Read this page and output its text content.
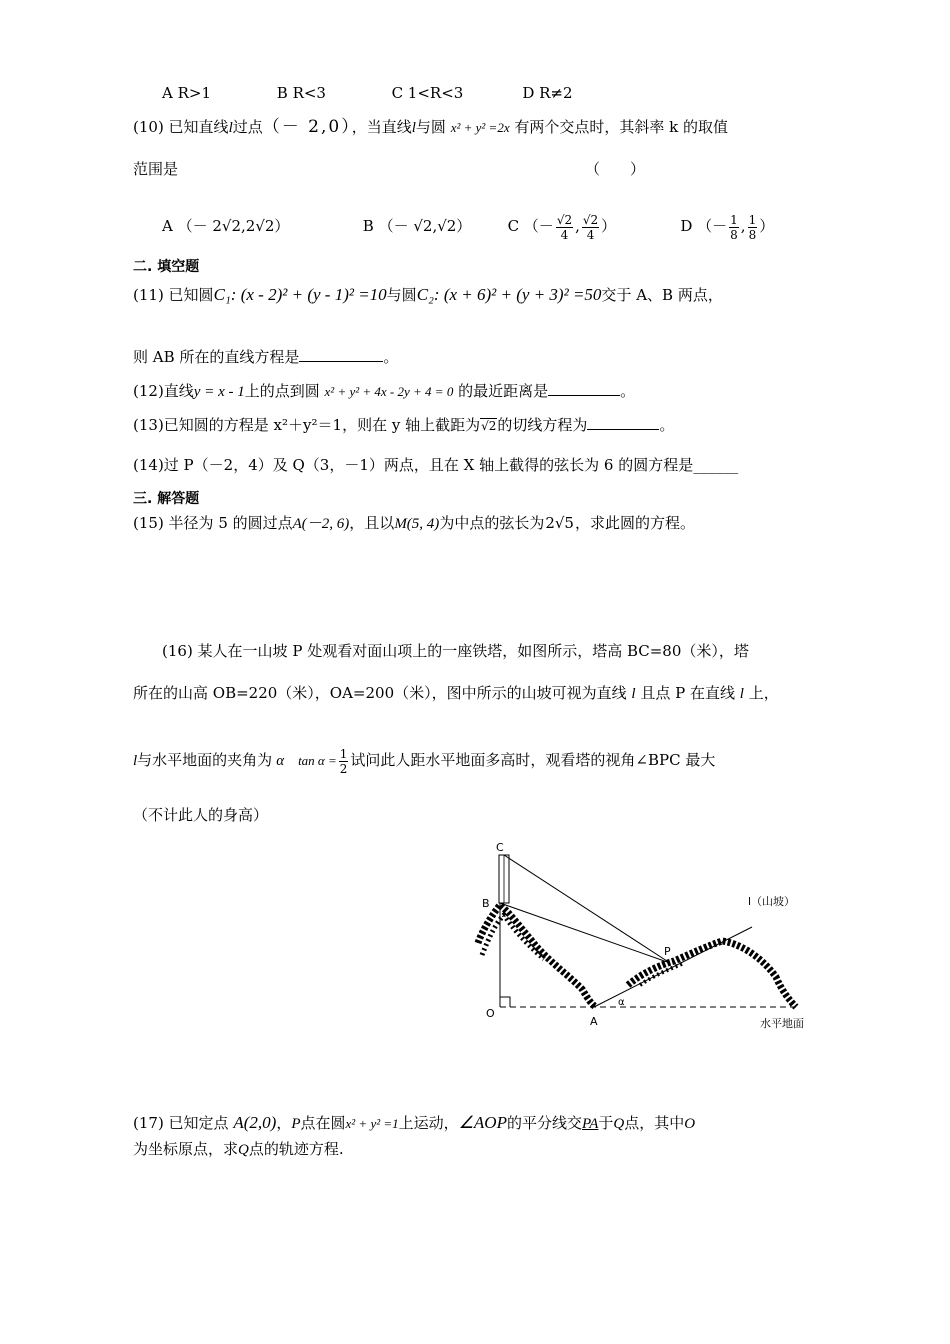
A R>1	B R<3	C 1<R<3	D R≠2
(10) 已知直线l过点（－ 2,0），当直线l与圆 x² + y² =2x 有两个交点时，其斜率 k 的取值
范围是	（　　）
A （－ 2√2,2√2）	B （－ √2,√2） C （－ $\frac{√2}{4}$ , $\frac{√2}{4}$ ）	D （－ $\frac{1}{8}$ , $\frac{1}{8}$ ）
二. 填空题
(11) 已知圆C₁: (x - 2)² + (y - 1)² =10与圆C₂: (x + 6)² + (y + 3)² =50交于 A、B 两点，
则 AB 所在的直线方程是	。
(12)直线y = x - 1上的点到圆 x² + y² + 4x - 2y + 4 = 0 的最近距离是	。
(13)已知圆的方程是 x²＋y²＝1，则在 y 轴上截距为√2的切线方程为	。
(14)过 P（－2，4）及 Q（3，－1）两点，且在 X 轴上截得的弦长为 6 的圆方程是______
三. 解答题
(15) 半径为 5 的圆过点A(－2, 6)，且以M(5, 4)为中点的弦长为2√5，求此圆的方程。
(16) 某人在一山坡 P 处观看对面山项上的一座铁塔，如图所示，塔高 BC=80（米），塔
所在的山高 OB=220（米），OA=200（米），图中所示的山坡可视为直线 l 且点 P 在直线 l 上，
l与水平地面的夹角为 α $\tan \alpha = \frac{1}{2}$ 试问此人距水平地面多高时，观看塔的视角∠BPC 最大
（不计此人的身高）
C
B
P
O
A
α
l（山坡）
水平地面
(17) 已知定点 A(2,0)，P点在圆x² + y² =1上运动，∠AOP的平分线交PA于Q点，其中O
为坐标原点，求Q点的轨迹方程.
